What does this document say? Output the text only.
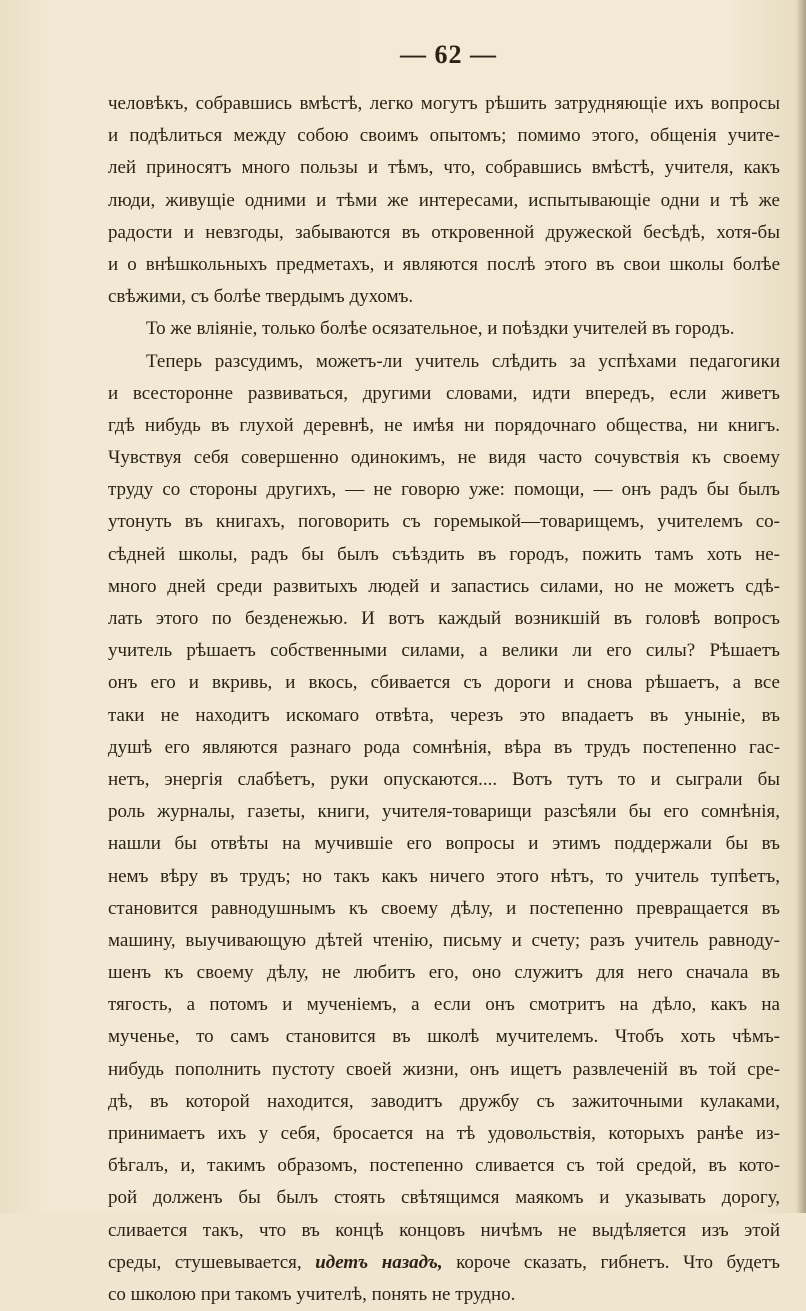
— 62 —
человѣкъ, собравшись вмѣстѣ, легко могутъ рѣшить затрудняющіе ихъ вопросы
и подѣлиться между собою своимъ опытомъ; помимо этого, общенія учите-
лей приносятъ много пользы и тѣмъ, что, собравшись вмѣстѣ, учителя, какъ
люди, живущіе одними и тѣми же интересами, испытывающіе одни и тѣ же
радости и невзгоды, забываются въ откровенной дружеской бесѣдѣ, хотя-бы
и о внѣшкольныхъ предметахъ, и являются послѣ этого въ свои школы болѣе
свѣжими, съ болѣе твердымъ духомъ.
То же вліяніе, только болѣе осязательное, и поѣздки учителей въ городъ.
Теперь разсудимъ, можетъ-ли учитель слѣдить за успѣхами педагогики
и всесторонне развиваться, другими словами, идти впередъ, если живетъ
гдѣ нибудь въ глухой деревнѣ, не имѣя ни порядочнаго общества, ни книгъ.
Чувствуя себя совершенно одинокимъ, не видя часто сочувствія къ своему
труду со стороны другихъ, — не говорю уже: помощи, — онъ радъ бы былъ
утонуть въ книгахъ, поговорить съ горемыкой—товарищемъ, учителемъ со-
сѣдней школы, радъ бы былъ съѣздить въ городъ, пожить тамъ хоть не-
много дней среди развитыхъ людей и запастись силами, но не можетъ сдѣ-
лать этого по безденежью. И вотъ каждый возникшій въ головѣ вопросъ
учитель рѣшаетъ собственными силами, а велики ли его силы? Рѣшаетъ
онъ его и вкривь, и вкось, сбивается съ дороги и снова рѣшаетъ, а все
таки не находитъ искомаго отвѣта, черезъ это впадаетъ въ уныніе, въ
душѣ его являются разнаго рода сомнѣнія, вѣра въ трудъ постепенно гас-
нетъ, энергія слабѣетъ, руки опускаются.... Вотъ тутъ то и сыграли бы
роль журналы, газеты, книги, учителя-товарищи разсѣяли бы его сомнѣнія,
нашли бы отвѣты на мучившіе его вопросы и этимъ поддержали бы въ
немъ вѣру въ трудъ; но такъ какъ ничего этого нѣтъ, то учитель тупѣетъ,
становится равнодушнымъ къ своему дѣлу, и постепенно превращается въ
машину, выучивающую дѣтей чтенію, письму и счету; разъ учитель равноду-
шенъ къ своему дѣлу, не любитъ его, оно служитъ для него сначала въ
тягость, а потомъ и мученіемъ, а если онъ смотритъ на дѣло, какъ на
мученье, то самъ становится въ школѣ мучителемъ. Чтобъ хоть чѣмъ-
нибудь пополнить пустоту своей жизни, онъ ищетъ развлеченій въ той сре-
дѣ, въ которой находится, заводитъ дружбу съ зажиточными кулаками,
принимаетъ ихъ у себя, бросается на тѣ удовольствія, которыхъ ранѣе из-
бѣгалъ, и, такимъ образомъ, постепенно сливается съ той средой, въ кото-
рой долженъ бы былъ стоять свѣтящимся маякомъ и указывать дорогу,
сливается такъ, что въ концѣ концовъ ничѣмъ не выдѣляется изъ этой
среды, стушевывается, идетъ назадъ, короче сказать, гибнетъ. Что будетъ
со школою при такомъ учителѣ, понять не трудно.
